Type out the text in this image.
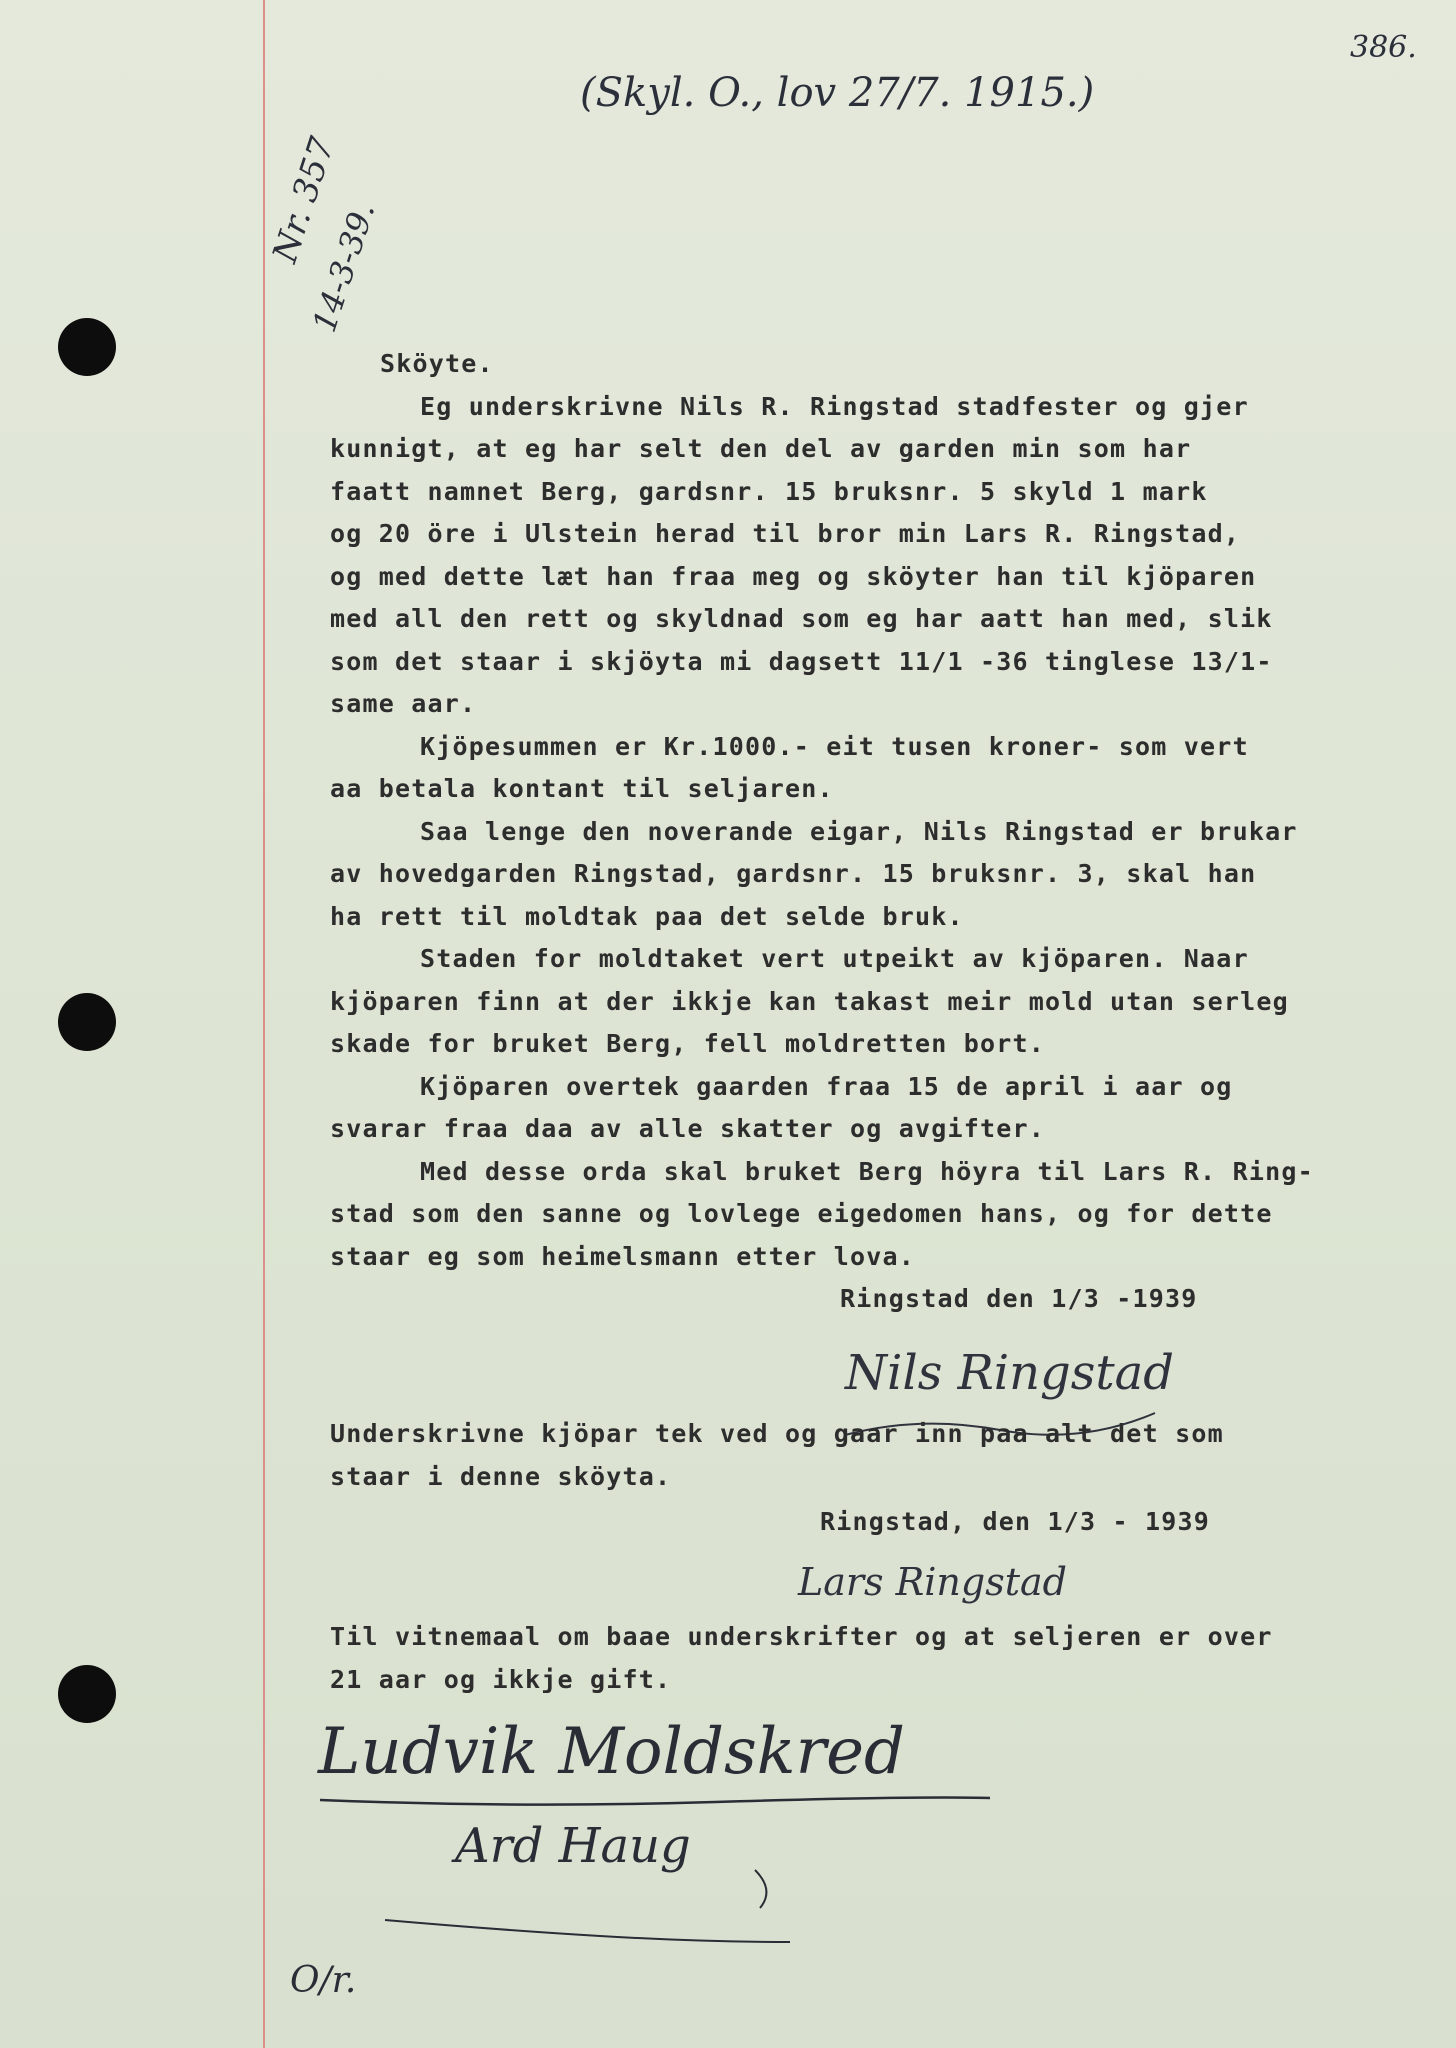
386.
(Skyl. O., lov 27/7. 1915.)
Nr. 357
14-3-39.
Sköyte.
Eg underskrivne Nils R. Ringstad stadfester og gjer
kunnigt, at eg har selt den del av garden min som har
faatt namnet Berg, gardsnr. 15 bruksnr. 5 skyld 1 mark
og 20 öre i Ulstein herad til bror min Lars R. Ringstad,
og med dette læt han fraa meg og sköyter han til kjöparen
med all den rett og skyldnad som eg har aatt han med, slik
som det staar i skjöyta mi dagsett 11/1 -36 tinglese 13/1-
same aar.
Kjöpesummen er Kr.1000.- eit tusen kroner- som vert
aa betala kontant til seljaren.
Saa lenge den noverande eigar, Nils Ringstad er brukar
av hovedgarden Ringstad, gardsnr. 15 bruksnr. 3, skal han
ha rett til moldtak paa det selde bruk.
Staden for moldtaket vert utpeikt av kjöparen. Naar
kjöparen finn at der ikkje kan takast meir mold utan serleg
skade for bruket Berg, fell moldretten bort.
Kjöparen overtek gaarden fraa 15 de april i aar og
svarar fraa daa av alle skatter og avgifter.
Med desse orda skal bruket Berg höyra til Lars R. Ring-
stad som den sanne og lovlege eigedomen hans, og for dette
staar eg som heimelsmann etter lova.
Ringstad den 1/3 -1939
Nils Ringstad
Underskrivne kjöpar tek ved og gaar inn paa alt det som
staar i denne sköyta.
Ringstad, den 1/3 - 1939
Lars Ringstad
Til vitnemaal om baae underskrifter og at seljeren er over
21 aar og ikkje gift.
Ludvik Moldskred
Ard Haug
O/r.
